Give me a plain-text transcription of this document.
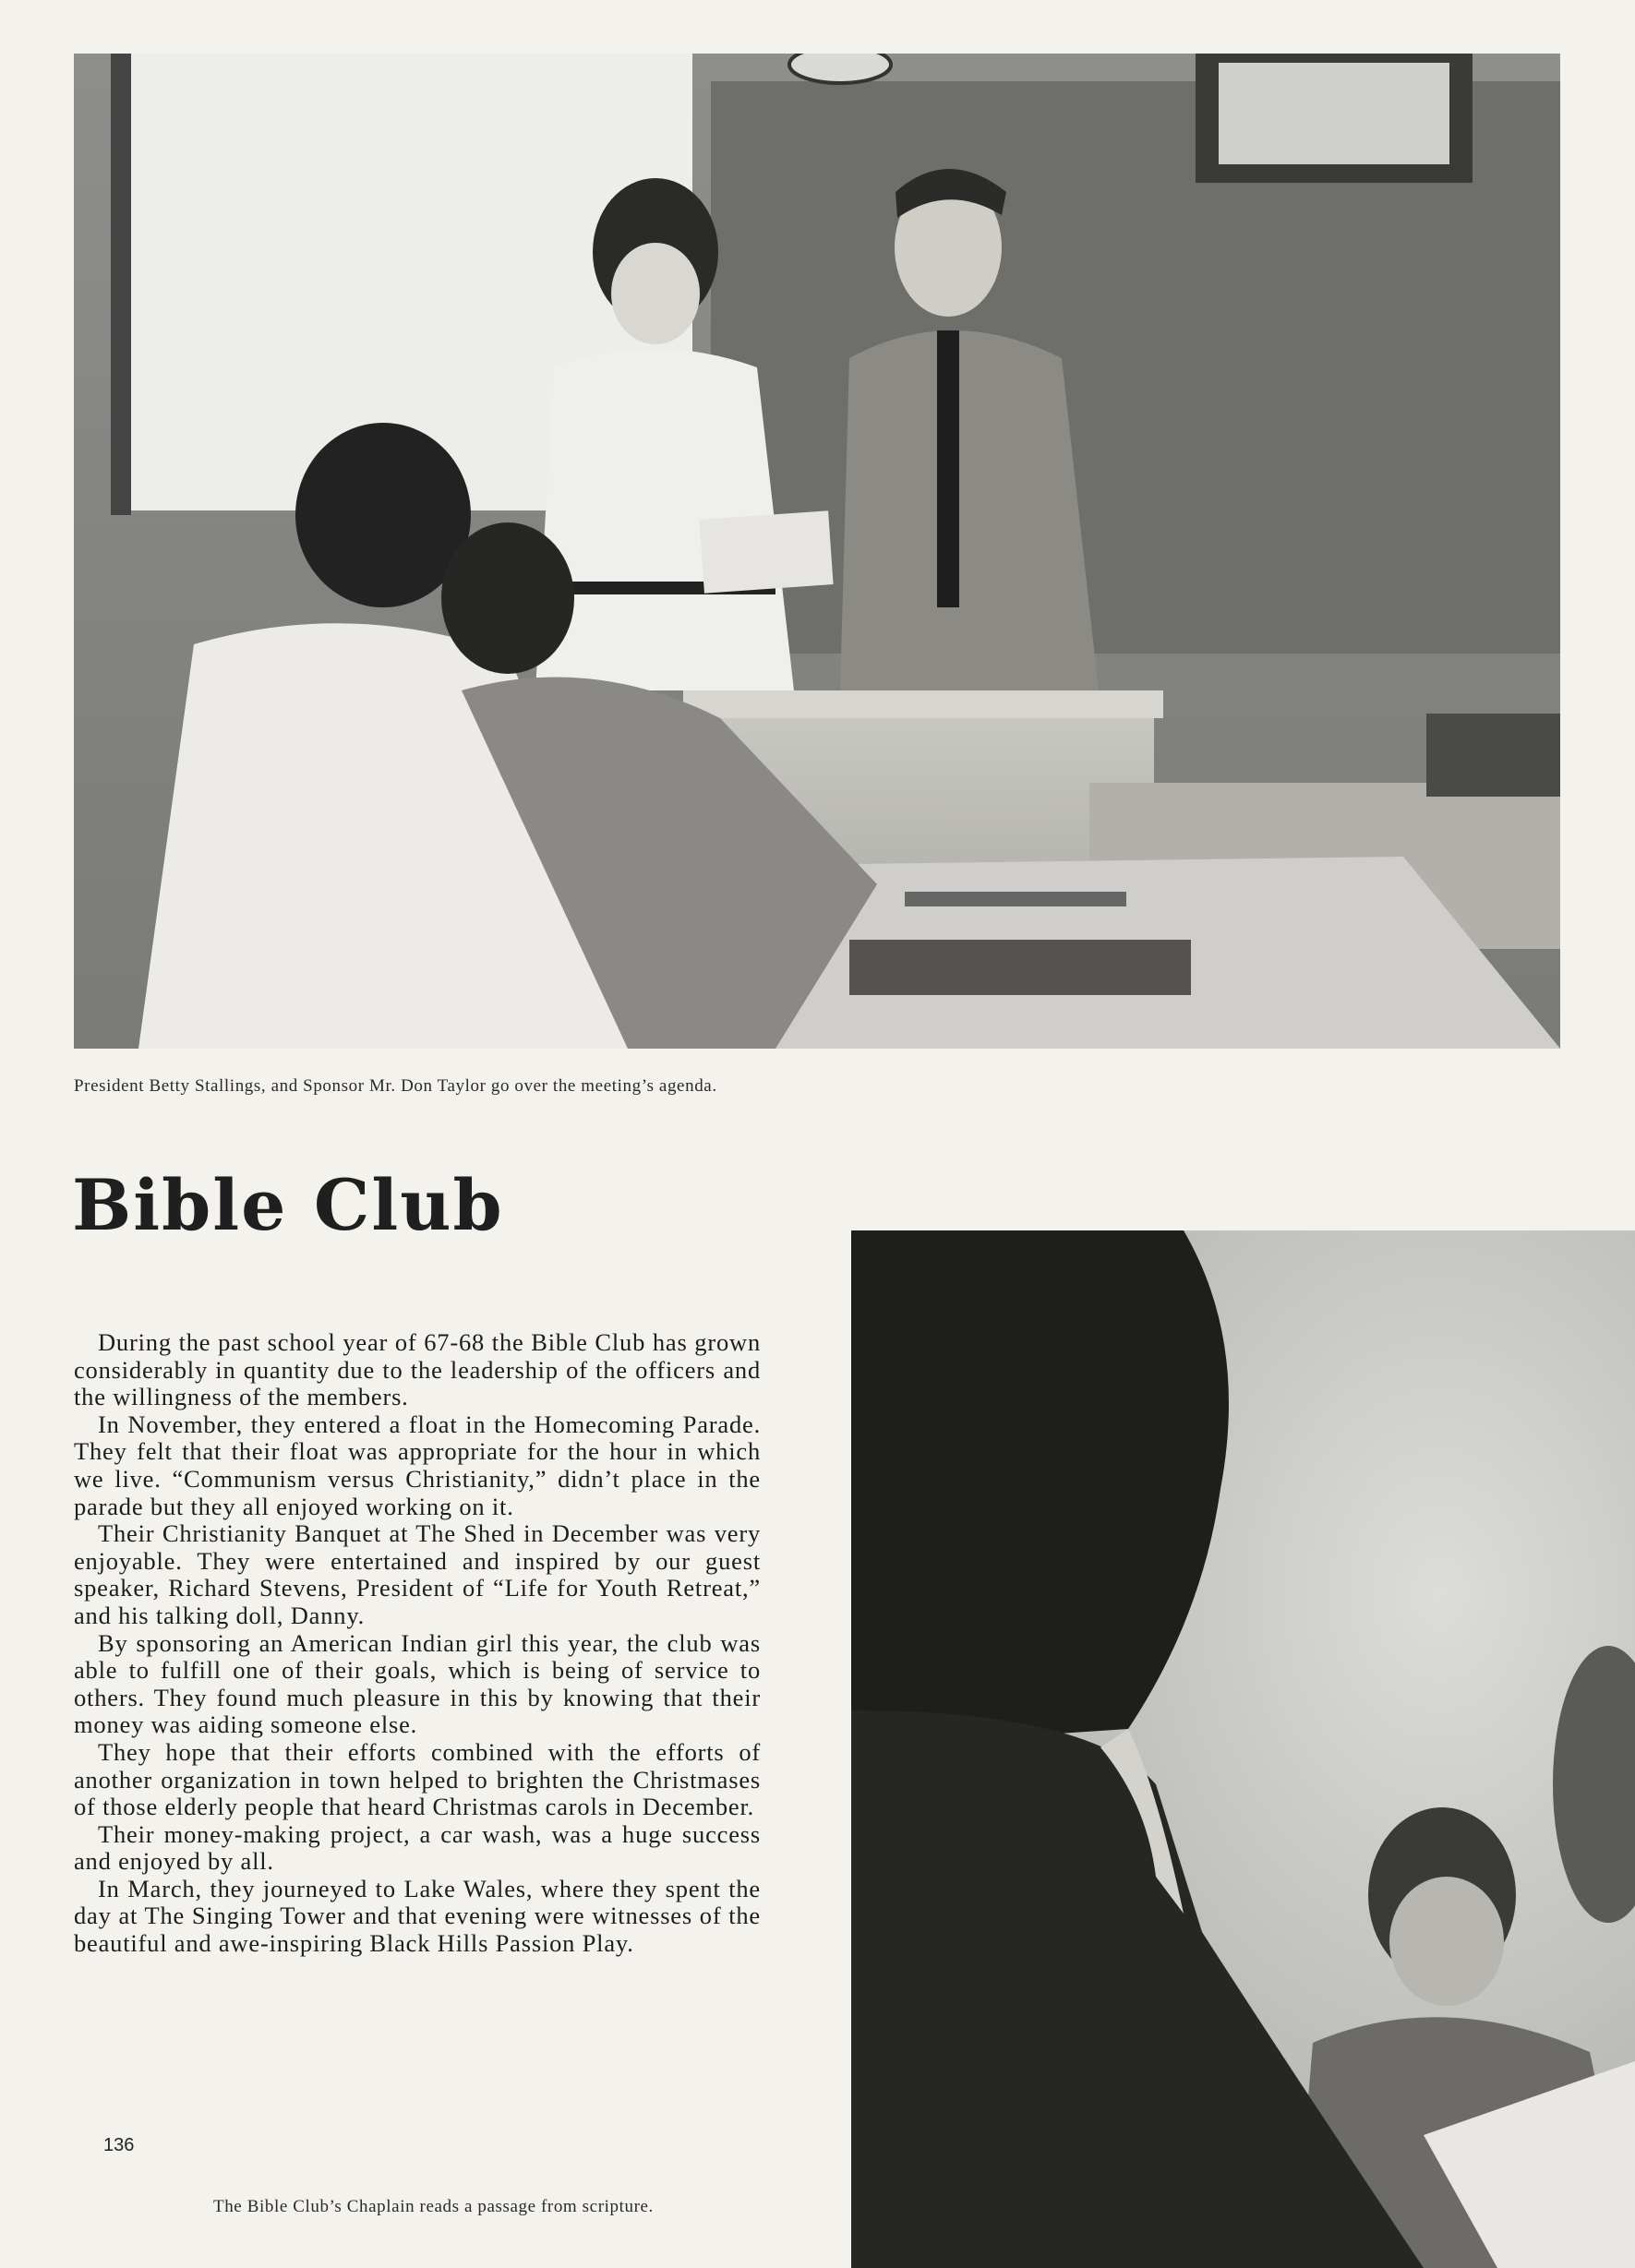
President Betty Stallings, and Sponsor Mr. Don Taylor go over the meeting’s agenda.
Bible Club

During the past school year of 67-68 the Bible Club has grown considerably in quantity due to the leadership of the officers and the willingness of the members.

In November, they entered a float in the Homecoming Parade. They felt that their float was appropriate for the hour in which we live. “Communism versus Christianity,” didn’t place in the parade but they all enjoyed working on it.

Their Christianity Banquet at The Shed in December was very enjoyable. They were entertained and inspired by our guest speaker, Richard Stevens, President of “Life for Youth Retreat,” and his talking doll, Danny.

By sponsoring an American Indian girl this year, the club was able to fulfill one of their goals, which is being of service to others. They found much pleasure in this by knowing that their money was aiding someone else.

They hope that their efforts combined with the efforts of another organization in town helped to brighten the Christmases of those elderly people that heard Christmas carols in December.

Their money-making project, a car wash, was a huge success and enjoyed by all.

In March, they journeyed to Lake Wales, where they spent the day at The Singing Tower and that evening were witnesses of the beautiful and awe-inspiring Black Hills Passion Play.

136
The Bible Club’s Chaplain reads a passage from scripture.
